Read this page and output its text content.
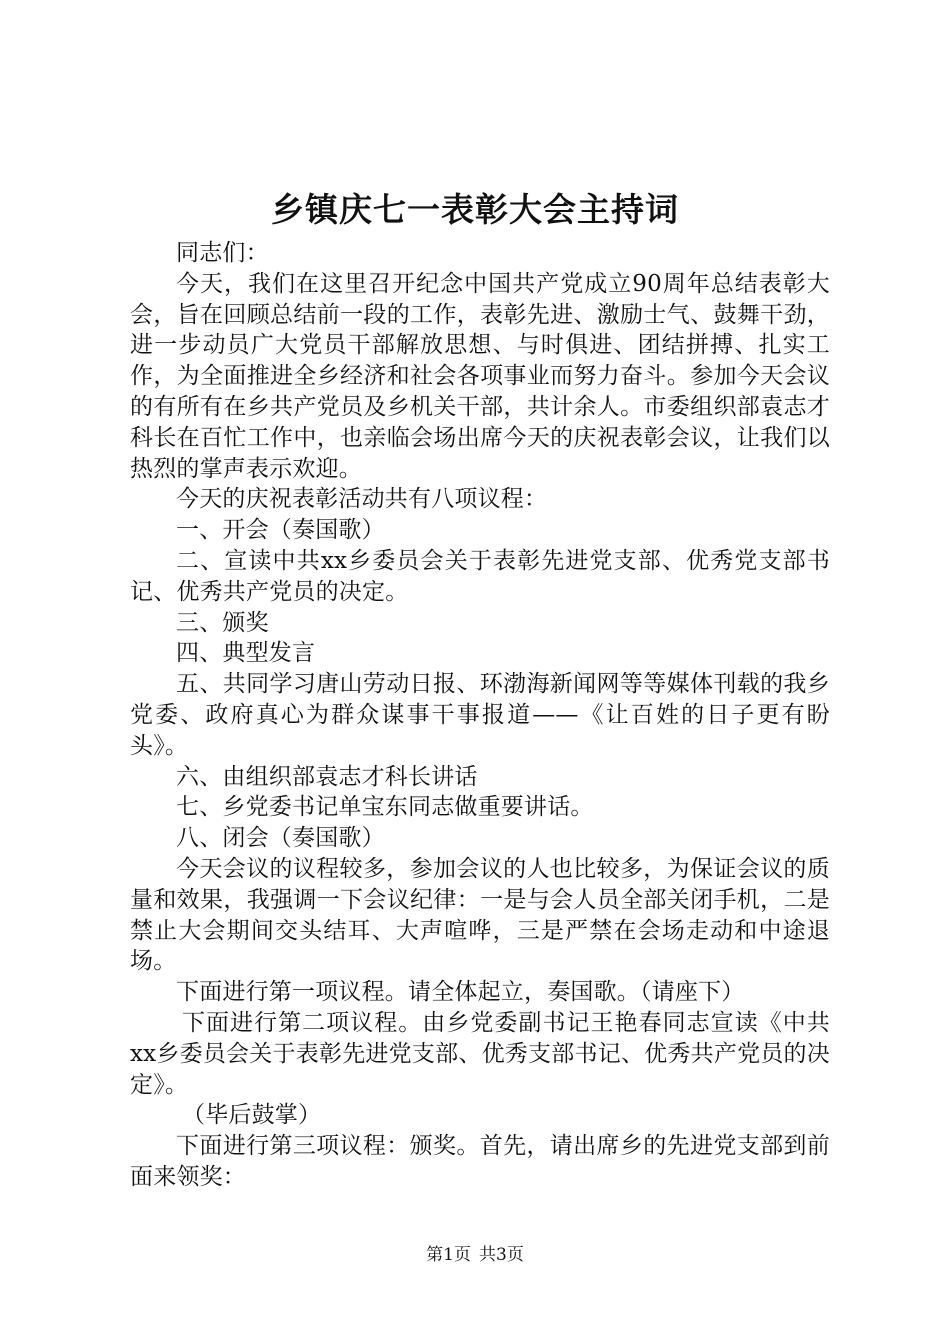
乡镇庆七一表彰大会主持词

同志们：

今天，我们在这里召开纪念中国共产党成立90周年总结表彰大会，旨在回顾总结前一段的工作，表彰先进、激励士气、鼓舞干劲，进一步动员广大党员干部解放思想、与时俱进、团结拼搏、扎实工作，为全面推进全乡经济和社会各项事业而努力奋斗。参加今天会议的有所有在乡共产党员及乡机关干部，共计余人。市委组织部袁志才科长在百忙工作中，也亲临会场出席今天的庆祝表彰会议，让我们以热烈的掌声表示欢迎。

今天的庆祝表彰活动共有八项议程：

一、开会（奏国歌）

二、宣读中共xx乡委员会关于表彰先进党支部、优秀党支部书记、优秀共产党员的决定。

三、颁奖

四、典型发言

五、共同学习唐山劳动日报、环渤海新闻网等等媒体刊载的我乡党委、政府真心为群众谋事干事报道——《让百姓的日子更有盼头》。

六、由组织部袁志才科长讲话

七、乡党委书记单宝东同志做重要讲话。

八、闭会（奏国歌）

今天会议的议程较多，参加会议的人也比较多，为保证会议的质量和效果，我强调一下会议纪律：一是与会人员全部关闭手机，二是禁止大会期间交头结耳、大声喧哗，三是严禁在会场走动和中途退场。

下面进行第一项议程。请全体起立，奏国歌。（请座下）

下面进行第二项议程。由乡党委副书记王艳春同志宣读《中共xx乡委员会关于表彰先进党支部、优秀支部书记、优秀共产党员的决定》。

（毕后鼓掌）

下面进行第三项议程：颁奖。首先，请出席乡的先进党支部到前面来领奖：

第1页 共3页
